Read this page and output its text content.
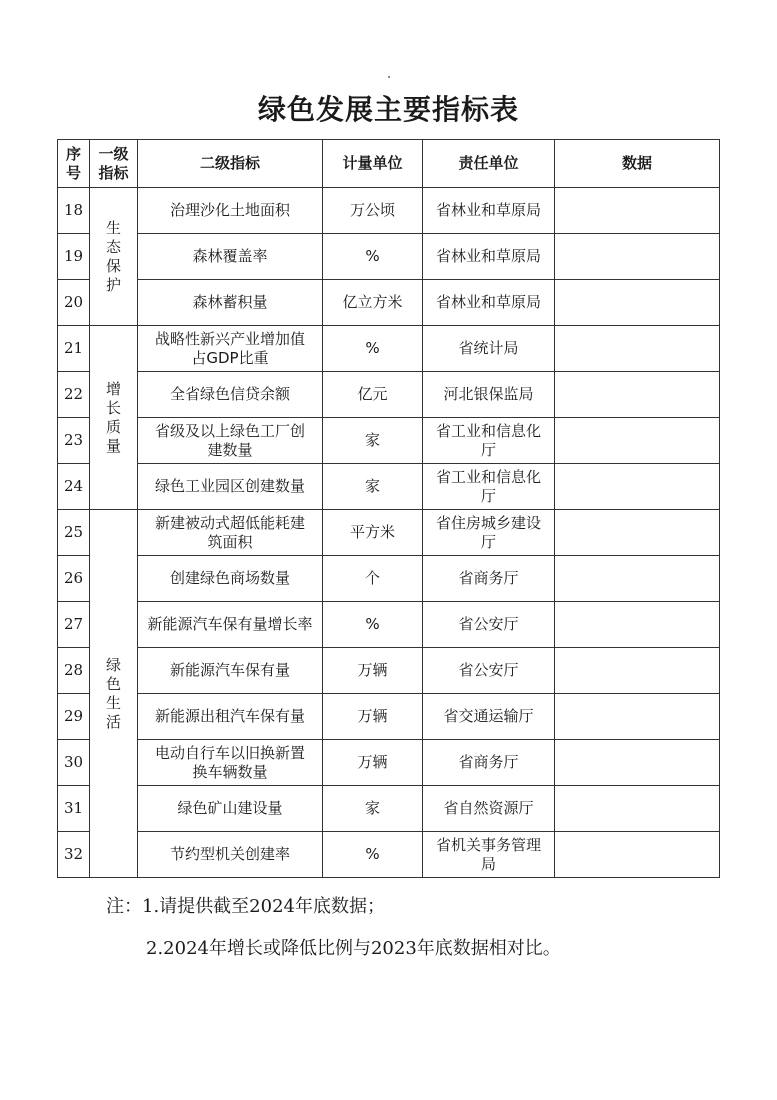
绿色发展主要指标表
序号	一级指标	二级指标	计量单位	责任单位	数据
18	生态保护	治理沙化土地面积	万公顷	省林业和草原局	
19		森林覆盖率	%	省林业和草原局	
20		森林蓄积量	亿立方米	省林业和草原局	
21	增长质量	战略性新兴产业增加值占GDP比重	%	省统计局	
22		全省绿色信贷余额	亿元	河北银保监局	
23		省级及以上绿色工厂创建数量	家	省工业和信息化厅	
24		绿色工业园区创建数量	家	省工业和信息化厅	
25	绿色生活	新建被动式超低能耗建筑面积	平方米	省住房城乡建设厅	
26		创建绿色商场数量	个	省商务厅	
27		新能源汽车保有量增长率	%	省公安厅	
28		新能源汽车保有量	万辆	省公安厅	
29		新能源出租汽车保有量	万辆	省交通运输厅	
30		电动自行车以旧换新置换车辆数量	万辆	省商务厅	
31		绿色矿山建设量	家	省自然资源厅	
32		节约型机关创建率	%	省机关事务管理局	
注：1.请提供截至2024年底数据；
2.2024年增长或降低比例与2023年底数据相对比。
